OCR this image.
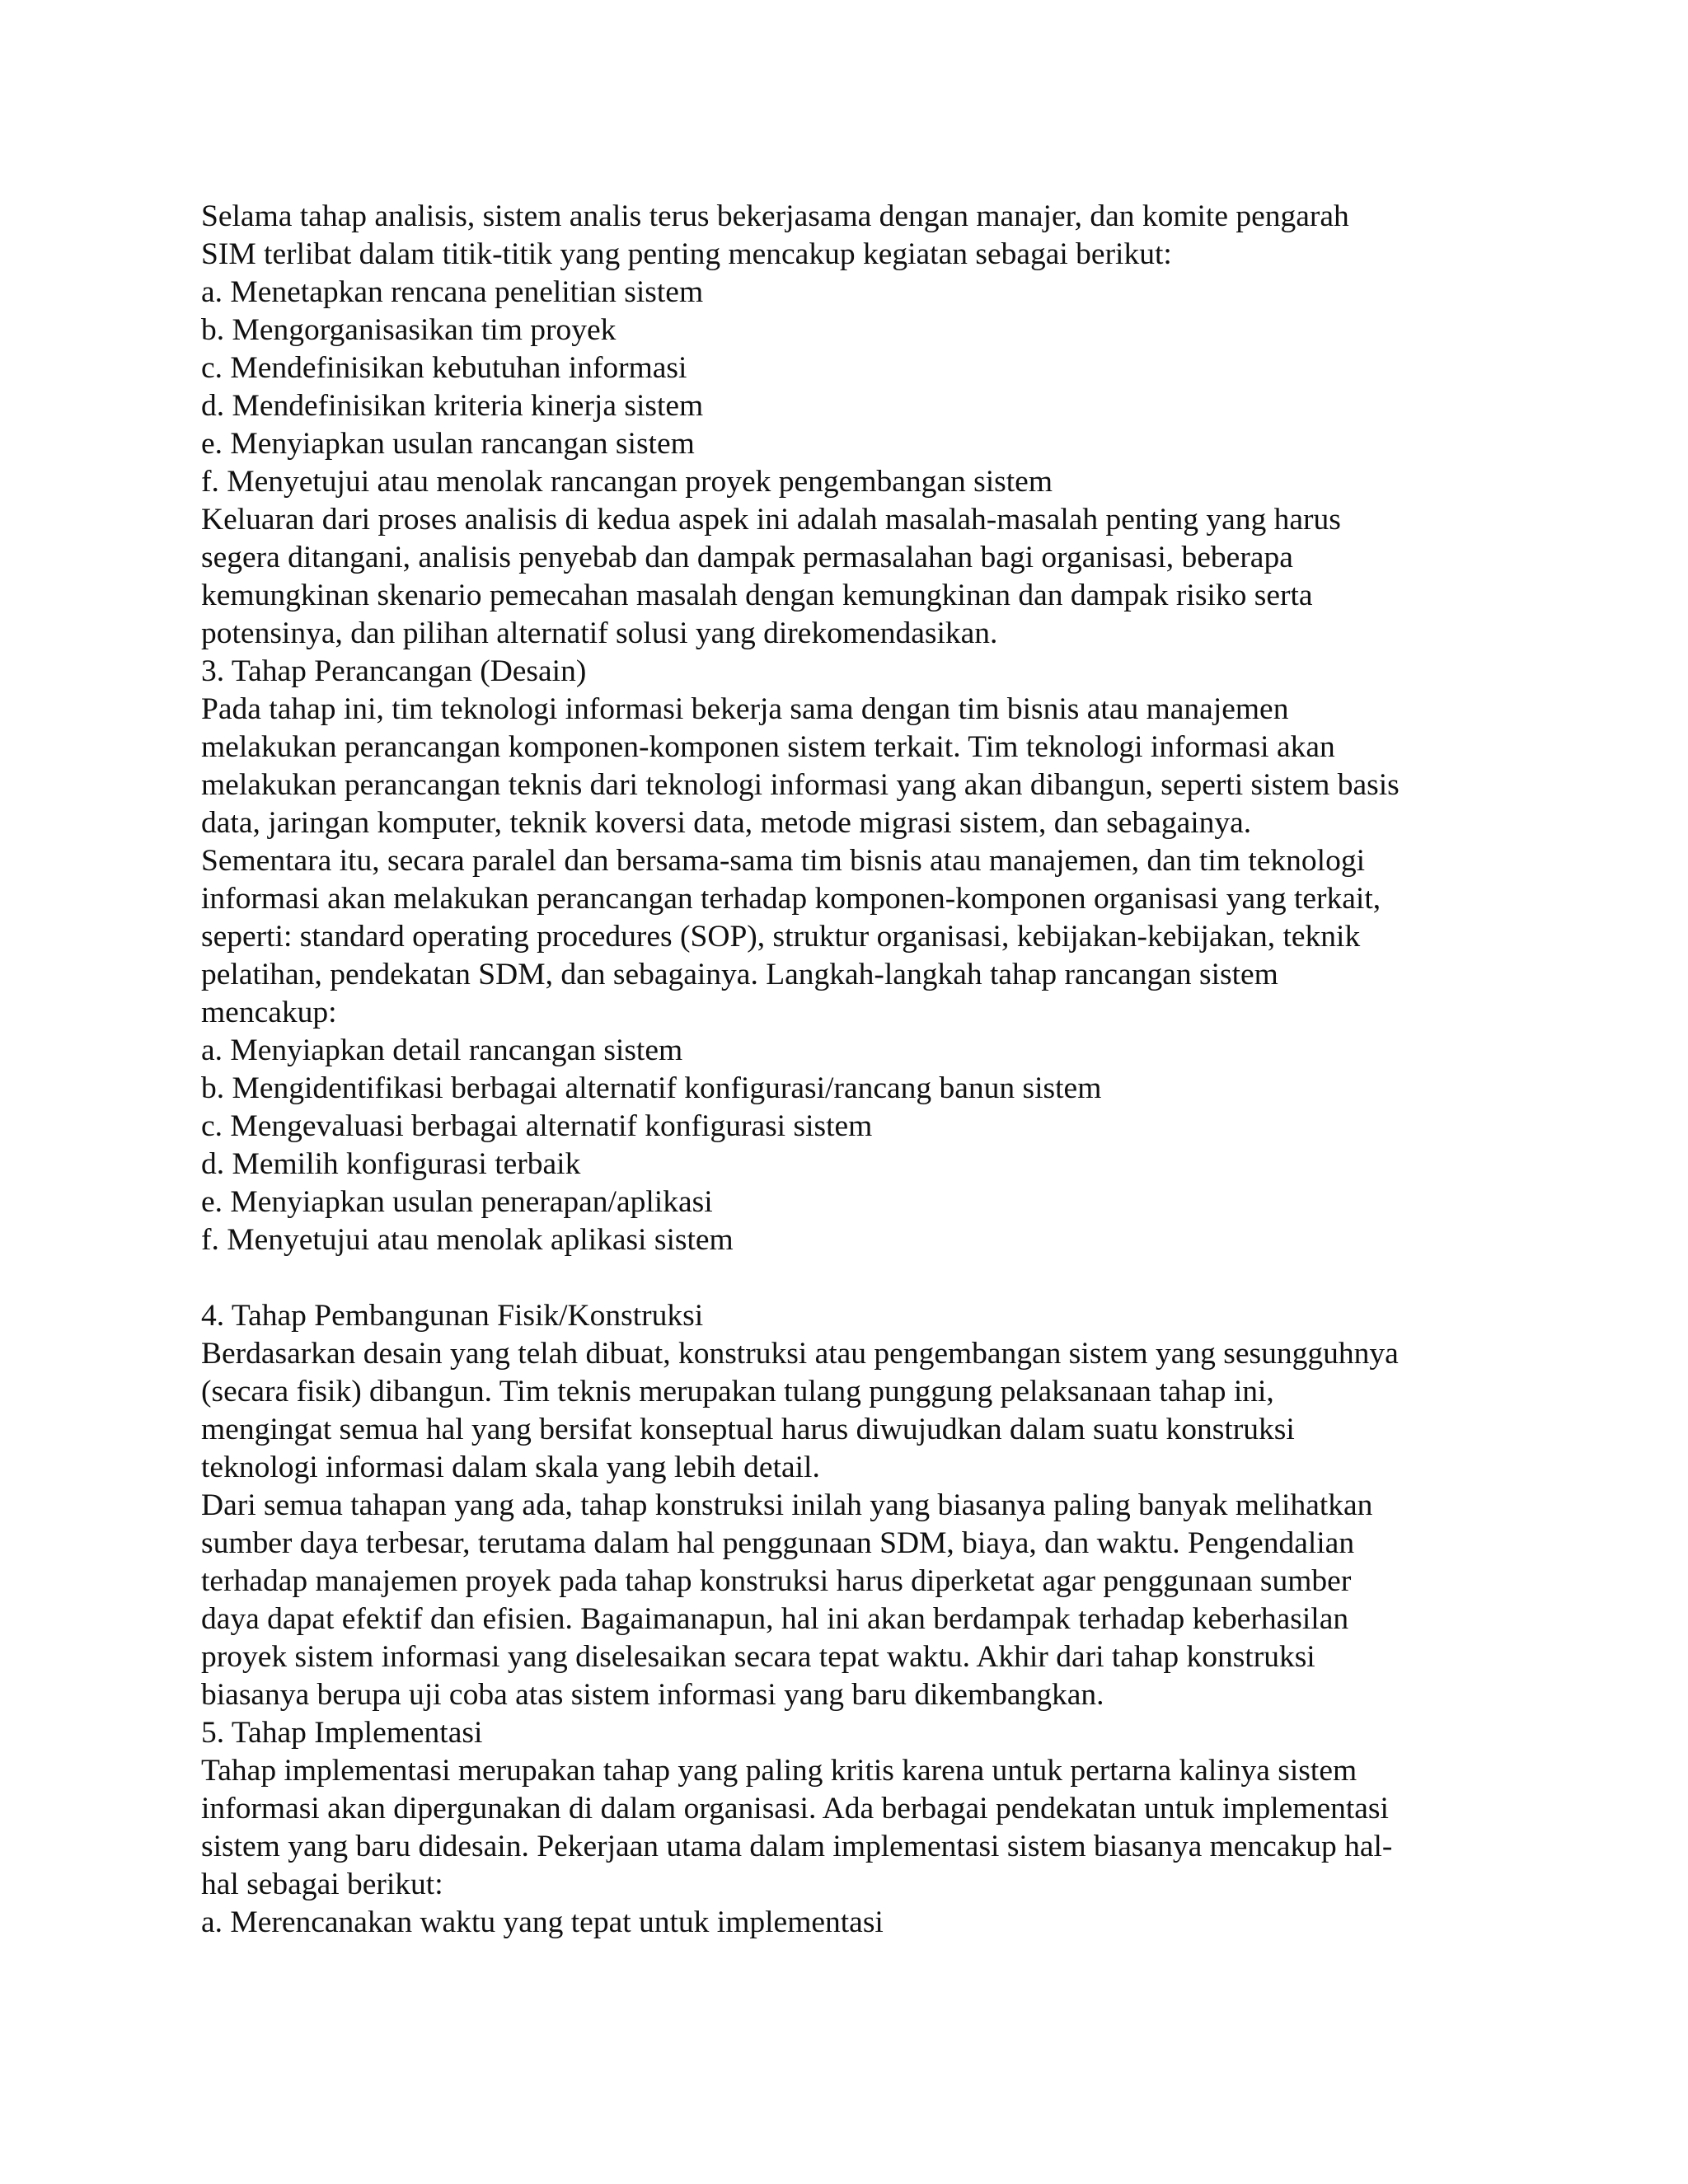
Selama tahap analisis, sistem analis terus bekerjasama dengan manajer, dan komite pengarah
SIM terlibat dalam titik-titik yang penting mencakup kegiatan sebagai berikut:
a. Menetapkan rencana penelitian sistem
b. Mengorganisasikan tim proyek
c. Mendefinisikan kebutuhan informasi
d. Mendefinisikan kriteria kinerja sistem
e. Menyiapkan usulan rancangan sistem
f. Menyetujui atau menolak rancangan proyek pengembangan sistem
Keluaran dari proses analisis di kedua aspek ini adalah masalah-masalah penting yang harus
segera ditangani, analisis penyebab dan dampak permasalahan bagi organisasi, beberapa
kemungkinan skenario pemecahan masalah dengan kemungkinan dan dampak risiko serta
potensinya, dan pilihan alternatif solusi yang direkomendasikan.
3. Tahap Perancangan (Desain)
Pada tahap ini, tim teknologi informasi bekerja sama dengan tim bisnis atau manajemen
melakukan perancangan komponen-komponen sistem terkait. Tim teknologi informasi akan
melakukan perancangan teknis dari teknologi informasi yang akan dibangun, seperti sistem basis
data, jaringan komputer, teknik koversi data, metode migrasi sistem, dan sebagainya.
Sementara itu, secara paralel dan bersama-sama tim bisnis atau manajemen, dan tim teknologi
informasi akan melakukan perancangan terhadap komponen-komponen organisasi yang terkait,
seperti: standard operating procedures (SOP), struktur organisasi, kebijakan-kebijakan, teknik
pelatihan, pendekatan SDM, dan sebagainya. Langkah-langkah tahap rancangan sistem
mencakup:
a. Menyiapkan detail rancangan sistem
b. Mengidentifikasi berbagai alternatif konfigurasi/rancang banun sistem
c. Mengevaluasi berbagai alternatif konfigurasi sistem
d. Memilih konfigurasi terbaik
e. Menyiapkan usulan penerapan/aplikasi
f. Menyetujui atau menolak aplikasi sistem
4. Tahap Pembangunan Fisik/Konstruksi
Berdasarkan desain yang telah dibuat, konstruksi atau pengembangan sistem yang sesungguhnya
(secara fisik) dibangun. Tim teknis merupakan tulang punggung pelaksanaan tahap ini,
mengingat semua hal yang bersifat konseptual harus diwujudkan dalam suatu konstruksi
teknologi informasi dalam skala yang lebih detail.
Dari semua tahapan yang ada, tahap konstruksi inilah yang biasanya paling banyak melihatkan
sumber daya terbesar, terutama dalam hal penggunaan SDM, biaya, dan waktu. Pengendalian
terhadap manajemen proyek pada tahap konstruksi harus diperketat agar penggunaan sumber
daya dapat efektif dan efisien. Bagaimanapun, hal ini akan berdampak terhadap keberhasilan
proyek sistem informasi yang diselesaikan secara tepat waktu. Akhir dari tahap konstruksi
biasanya berupa uji coba atas sistem informasi yang baru dikembangkan.
5. Tahap Implementasi
Tahap implementasi merupakan tahap yang paling kritis karena untuk pertarna kalinya sistem
informasi akan dipergunakan di dalam organisasi. Ada berbagai pendekatan untuk implementasi
sistem yang baru didesain. Pekerjaan utama dalam implementasi sistem biasanya mencakup hal-
hal sebagai berikut:
a. Merencanakan waktu yang tepat untuk implementasi
